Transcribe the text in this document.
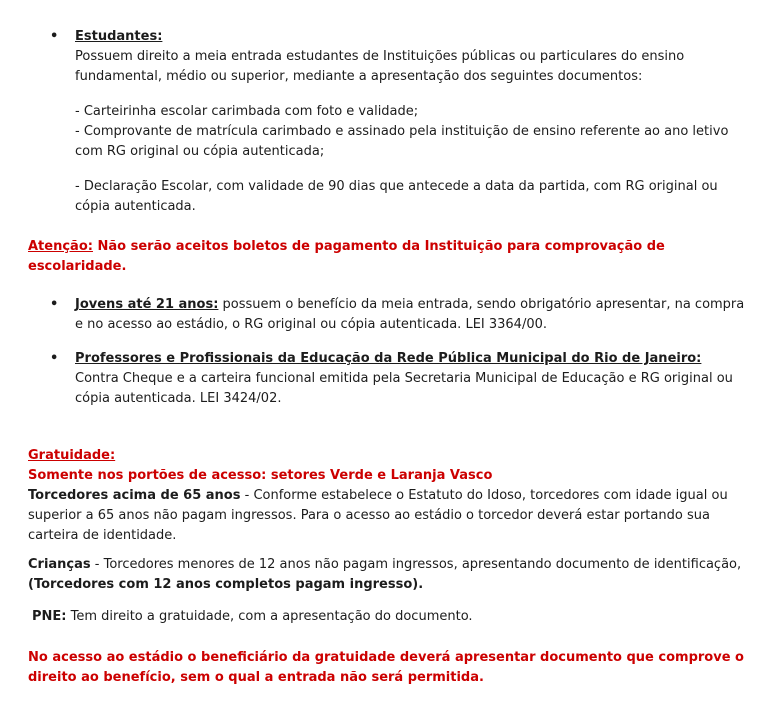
• Estudantes:
Possuem direito a meia entrada estudantes de Instituições públicas ou particulares do ensino fundamental, médio ou superior, mediante a apresentação dos seguintes documentos:
- Carteirinha escolar carimbada com foto e validade;
- Comprovante de matrícula carimbado e assinado pela instituição de ensino referente ao ano letivo com RG original ou cópia autenticada;
- Declaração Escolar, com validade de 90 dias que antecede a data da partida, com RG original ou cópia autenticada.

Atenção: Não serão aceitos boletos de pagamento da Instituição para comprovação de escolaridade.

• Jovens até 21 anos: possuem o benefício da meia entrada, sendo obrigatório apresentar, na compra e no acesso ao estádio, o RG original ou cópia autenticada. LEI 3364/00.
• Professores e Profissionais da Educação da Rede Pública Municipal do Rio de Janeiro:
Contra Cheque e a carteira funcional emitida pela Secretaria Municipal de Educação e RG original ou cópia autenticada. LEI 3424/02.
Gratuidade:
Somente nos portões de acesso: setores Verde e Laranja Vasco

Torcedores acima de 65 anos - Conforme estabelece o Estatuto do Idoso, torcedores com idade igual ou superior a 65 anos não pagam ingressos. Para o acesso ao estádio o torcedor deverá estar portando sua carteira de identidade.

Crianças - Torcedores menores de 12 anos não pagam ingressos, apresentando documento de identificação, (Torcedores com 12 anos completos pagam ingresso).

PNE: Tem direito a gratuidade, com a apresentação do documento.

No acesso ao estádio o beneficiário da gratuidade deverá apresentar documento que comprove o direito ao benefício, sem o qual a entrada não será permitida.
